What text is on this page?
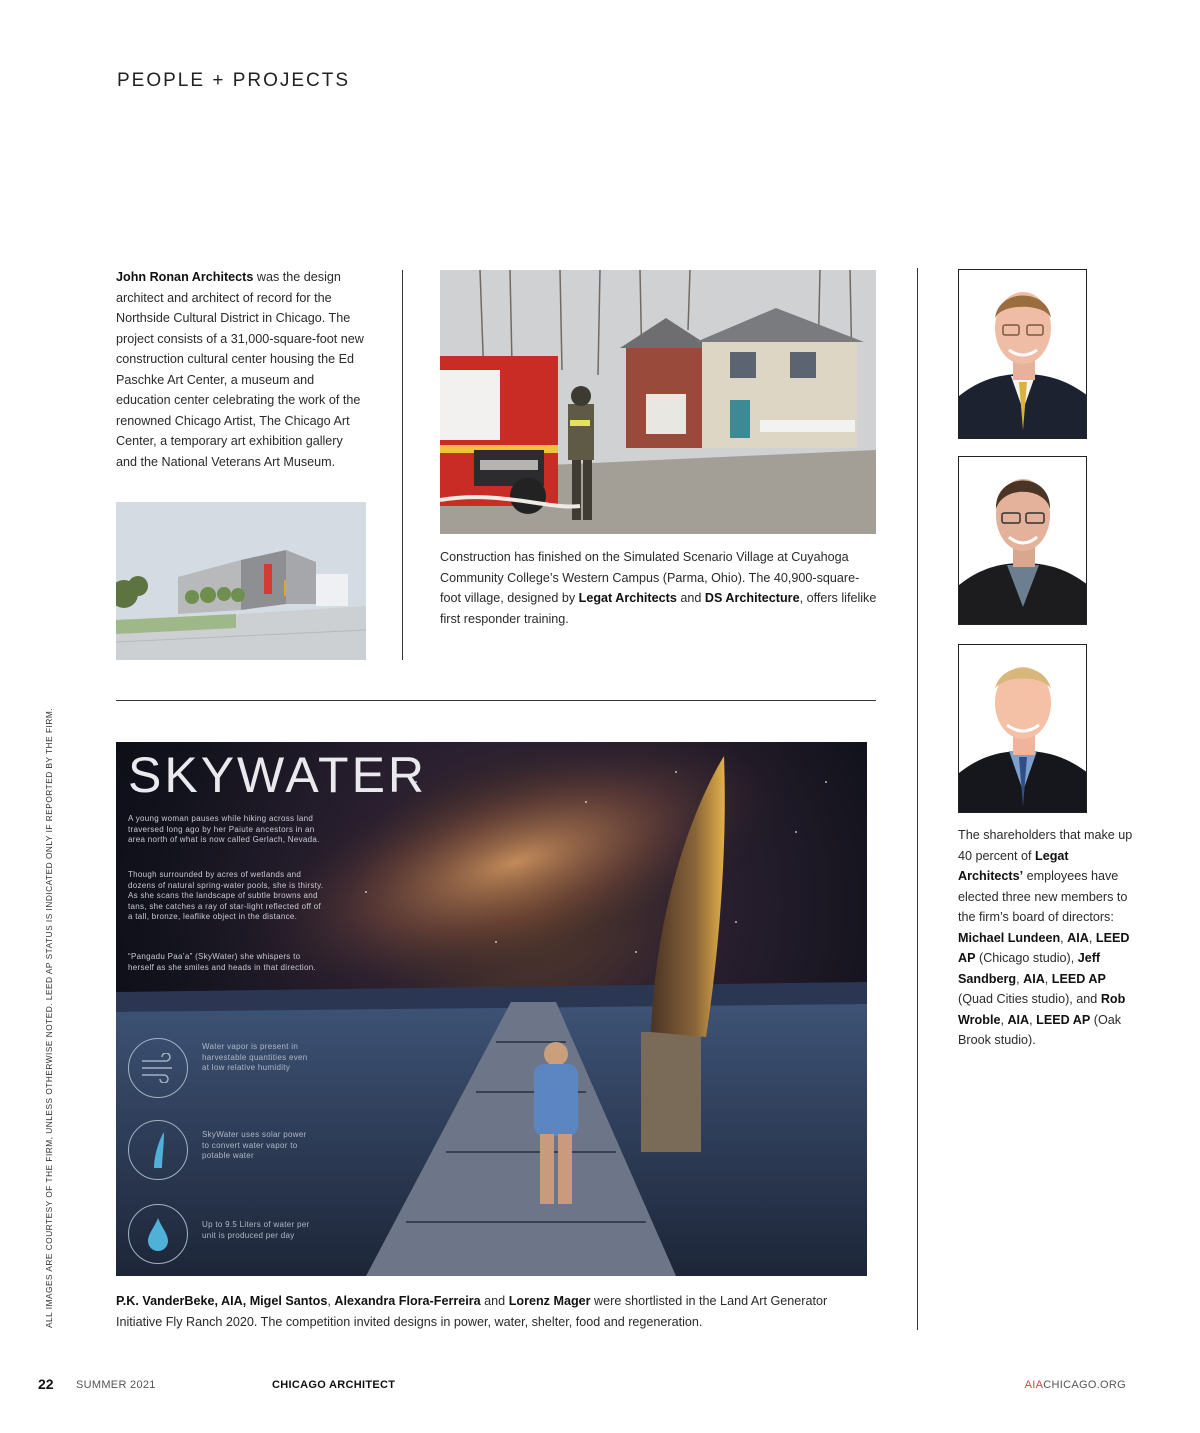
PEOPLE + PROJECTS
John Ronan Architects was the design architect and architect of record for the Northside Cultural District in Chicago. The project consists of a 31,000-square-foot new construction cultural center housing the Ed Paschke Art Center, a museum and education center celebrating the work of the renowned Chicago Artist, The Chicago Art Center, a temporary art exhibition gallery and the National Veterans Art Museum.
Construction has finished on the Simulated Scenario Village at Cuyahoga Community College’s Western Campus (Parma, Ohio). The 40,900-square-foot village, designed by Legat Architects and DS Architecture, offers lifelike first responder training.
The shareholders that make up 40 percent of Legat Architects’ employees have elected three new members to the firm’s board of directors: Michael Lundeen, AIA, LEED AP (Chicago studio), Jeff Sandberg, AIA, LEED AP (Quad Cities studio), and Rob Wroble, AIA, LEED AP (Oak Brook studio).
SKYWATER
A young woman pauses while hiking across land traversed long ago by her Paiute ancestors in an area north of what is now called Gerlach, Nevada.
Though surrounded by acres of wetlands and dozens of natural spring-water pools, she is thirsty. As she scans the landscape of subtle browns and tans, she catches a ray of star-light reflected off of a tall, bronze, leaflike object in the distance.
“Pangadu Paa’a” (SkyWater) she whispers to herself as she smiles and heads in that direction.
Water vapor is present in harvestable quantities even at low relative humidity
SkyWater uses solar power to convert water vapor to potable water
Up to 9.5 Liters of water per unit is produced per day
P.K. VanderBeke, AIA, Migel Santos, Alexandra Flora-Ferreira and Lorenz Mager were shortlisted in the Land Art Generator Initiative Fly Ranch 2020. The competition invited designs in power, water, shelter, food and regeneration.
ALL IMAGES ARE COURTESY OF THE FIRM, UNLESS OTHERWISE NOTED. LEED AP STATUS IS INDICATED ONLY IF REPORTED BY THE FIRM.
22 SUMMER 2021	CHICAGO ARCHITECT	AIACHICAGO.ORG
